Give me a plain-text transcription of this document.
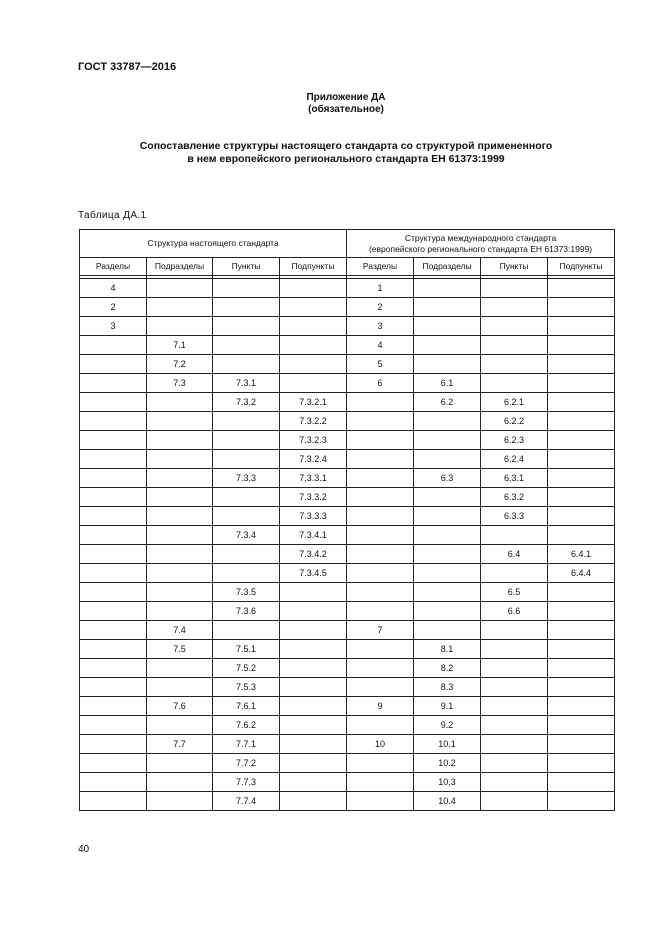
ГОСТ 33787—2016
Приложение ДА
(обязательное)
Сопоставление структуры настоящего стандарта со структурой примененного
в нем европейского регионального стандарта ЕН 61373:1999
Таблица ДА.1
Структура настоящего стандарта				Структура международного стандарта
(европейского регионального стандарта ЕН 61373:1999)			

Разделы	Подразделы	Пункты	Подпункты	Разделы	Подразделы	Пункты	Подпункты

4				1			
2				2			
3				3			
	7.1			4			
	7.2			5			
	7.3	7.3.1		6	6.1		
		7.3.2	7.3.2.1		6.2	6.2.1	
			7.3.2.2			6.2.2	
			7.3.2.3			6.2.3	
			7.3.2.4			6.2.4	
		7.3.3	7.3.3.1		6.3	6.3.1	
			7.3.3.2			6.3.2	
			7.3.3.3			6.3.3	
		7.3.4	7.3.4.1				
			7.3.4.2			6.4	6.4.1
			7.3.4.5				6.4.4
		7.3.5				6.5	
		7.3.6				6.6	
	7.4			7			
	7.5	7.5.1			8.1		
		7.5.2			8.2		
		7.5.3			8.3		
	7.6	7.6.1		9	9.1		
		7.6.2			9.2		
	7.7	7.7.1		10	10.1		
		7.7.2			10.2		
		7.7.3			10.3		
		7.7.4			10.4		
40
